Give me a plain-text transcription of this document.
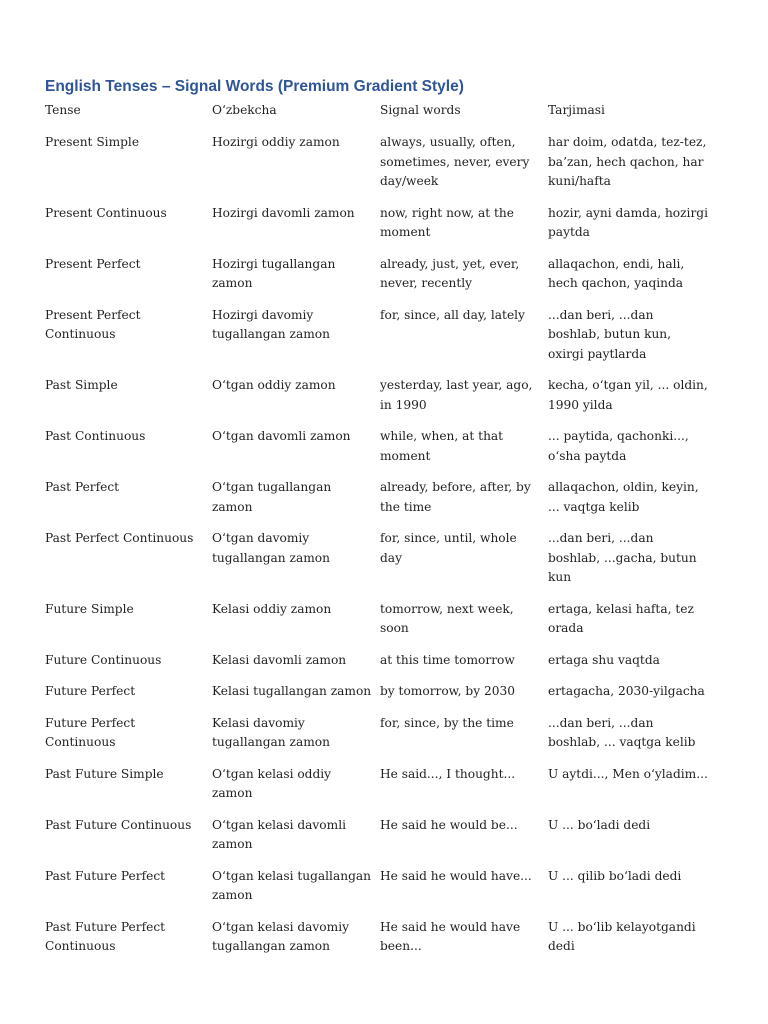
English Tenses – Signal Words (Premium Gradient Style)
Tense	O‘zbekcha	Signal words	Tarjimasi
Present Simple	Hozirgi oddiy zamon	always, usually, often, sometimes, never, every day/week	har doim, odatda, tez-tez, ba’zan, hech qachon, har kuni/hafta
Present Continuous	Hozirgi davomli zamon	now, right now, at the moment	hozir, ayni damda, hozirgi paytda
Present Perfect	Hozirgi tugallangan zamon	already, just, yet, ever, never, recently	allaqachon, endi, hali, hech qachon, yaqinda
Present Perfect Continuous	Hozirgi davomiy tugallangan zamon	for, since, all day, lately	...dan beri, ...dan boshlab, butun kun, oxirgi paytlarda
Past Simple	O‘tgan oddiy zamon	yesterday, last year, ago, in 1990	kecha, o‘tgan yil, ... oldin, 1990 yilda
Past Continuous	O‘tgan davomli zamon	while, when, at that moment	... paytida, qachonki..., o‘sha paytda
Past Perfect	O‘tgan tugallangan zamon	already, before, after, by the time	allaqachon, oldin, keyin, ... vaqtga kelib
Past Perfect Continuous	O‘tgan davomiy tugallangan zamon	for, since, until, whole day	...dan beri, ...dan boshlab, ...gacha, butun kun
Future Simple	Kelasi oddiy zamon	tomorrow, next week, soon	ertaga, kelasi hafta, tez orada
Future Continuous	Kelasi davomli zamon	at this time tomorrow	ertaga shu vaqtda
Future Perfect	Kelasi tugallangan zamon	by tomorrow, by 2030	ertagacha, 2030-yilgacha
Future Perfect Continuous	Kelasi davomiy tugallangan zamon	for, since, by the time	...dan beri, ...dan boshlab, ... vaqtga kelib
Past Future Simple	O‘tgan kelasi oddiy zamon	He said..., I thought...	U aytdi..., Men o‘yladim...
Past Future Continuous	O‘tgan kelasi davomli zamon	He said he would be...	U ... bo‘ladi dedi
Past Future Perfect	O‘tgan kelasi tugallangan zamon	He said he would have...	U ... qilib bo‘ladi dedi
Past Future Perfect Continuous	O‘tgan kelasi davomiy tugallangan zamon	He said he would have been...	U ... bo‘lib kelayotgandi dedi
